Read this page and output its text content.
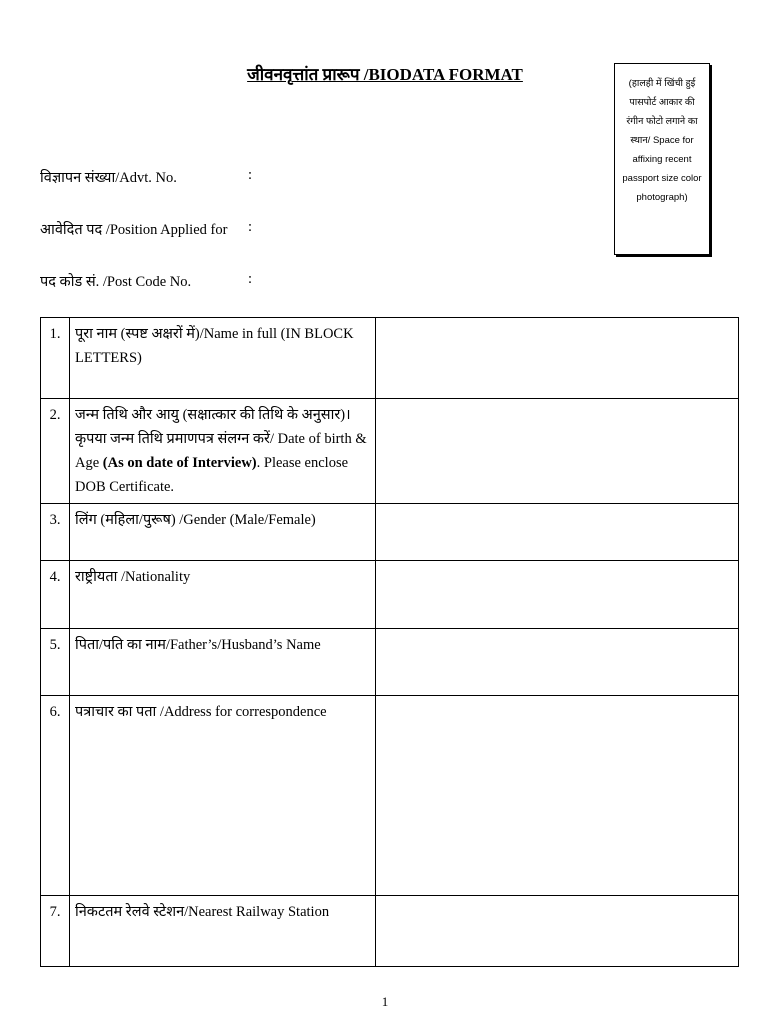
जीवनवृत्तांत प्रारूप /BIODATA FORMAT	(हालही में खिंची हुई
पासपोर्ट आकार की
रंगीन फोटो लगाने का
स्थान/ Space for
affixing recent
passport size color
photograph)
विज्ञापन संख्या/Advt. No.	:
आवेदित पद /Position Applied for :
पद कोड सं. /Post Code No.	:
1.	पूरा नाम (स्पष्ट अक्षरों में)/Name in full (IN BLOCK LETTERS)	
2.	जन्म तिथि और आयु (सक्षात्कार की तिथि के अनुसार)। कृपया जन्म तिथि प्रमाणपत्र संलग्न करें/ Date of birth & Age (As on date of Interview). Please enclose DOB Certificate.	
3.	लिंग (महिला/पुरूष) /Gender (Male/Female)	
4.	राष्ट्रीयता /Nationality	
5.	पिता/पति का नाम/Father’s/Husband’s Name	
6.	पत्राचार का पता /Address for correspondence	
7.	निकटतम रेलवे स्टेशन/Nearest Railway Station	
1
